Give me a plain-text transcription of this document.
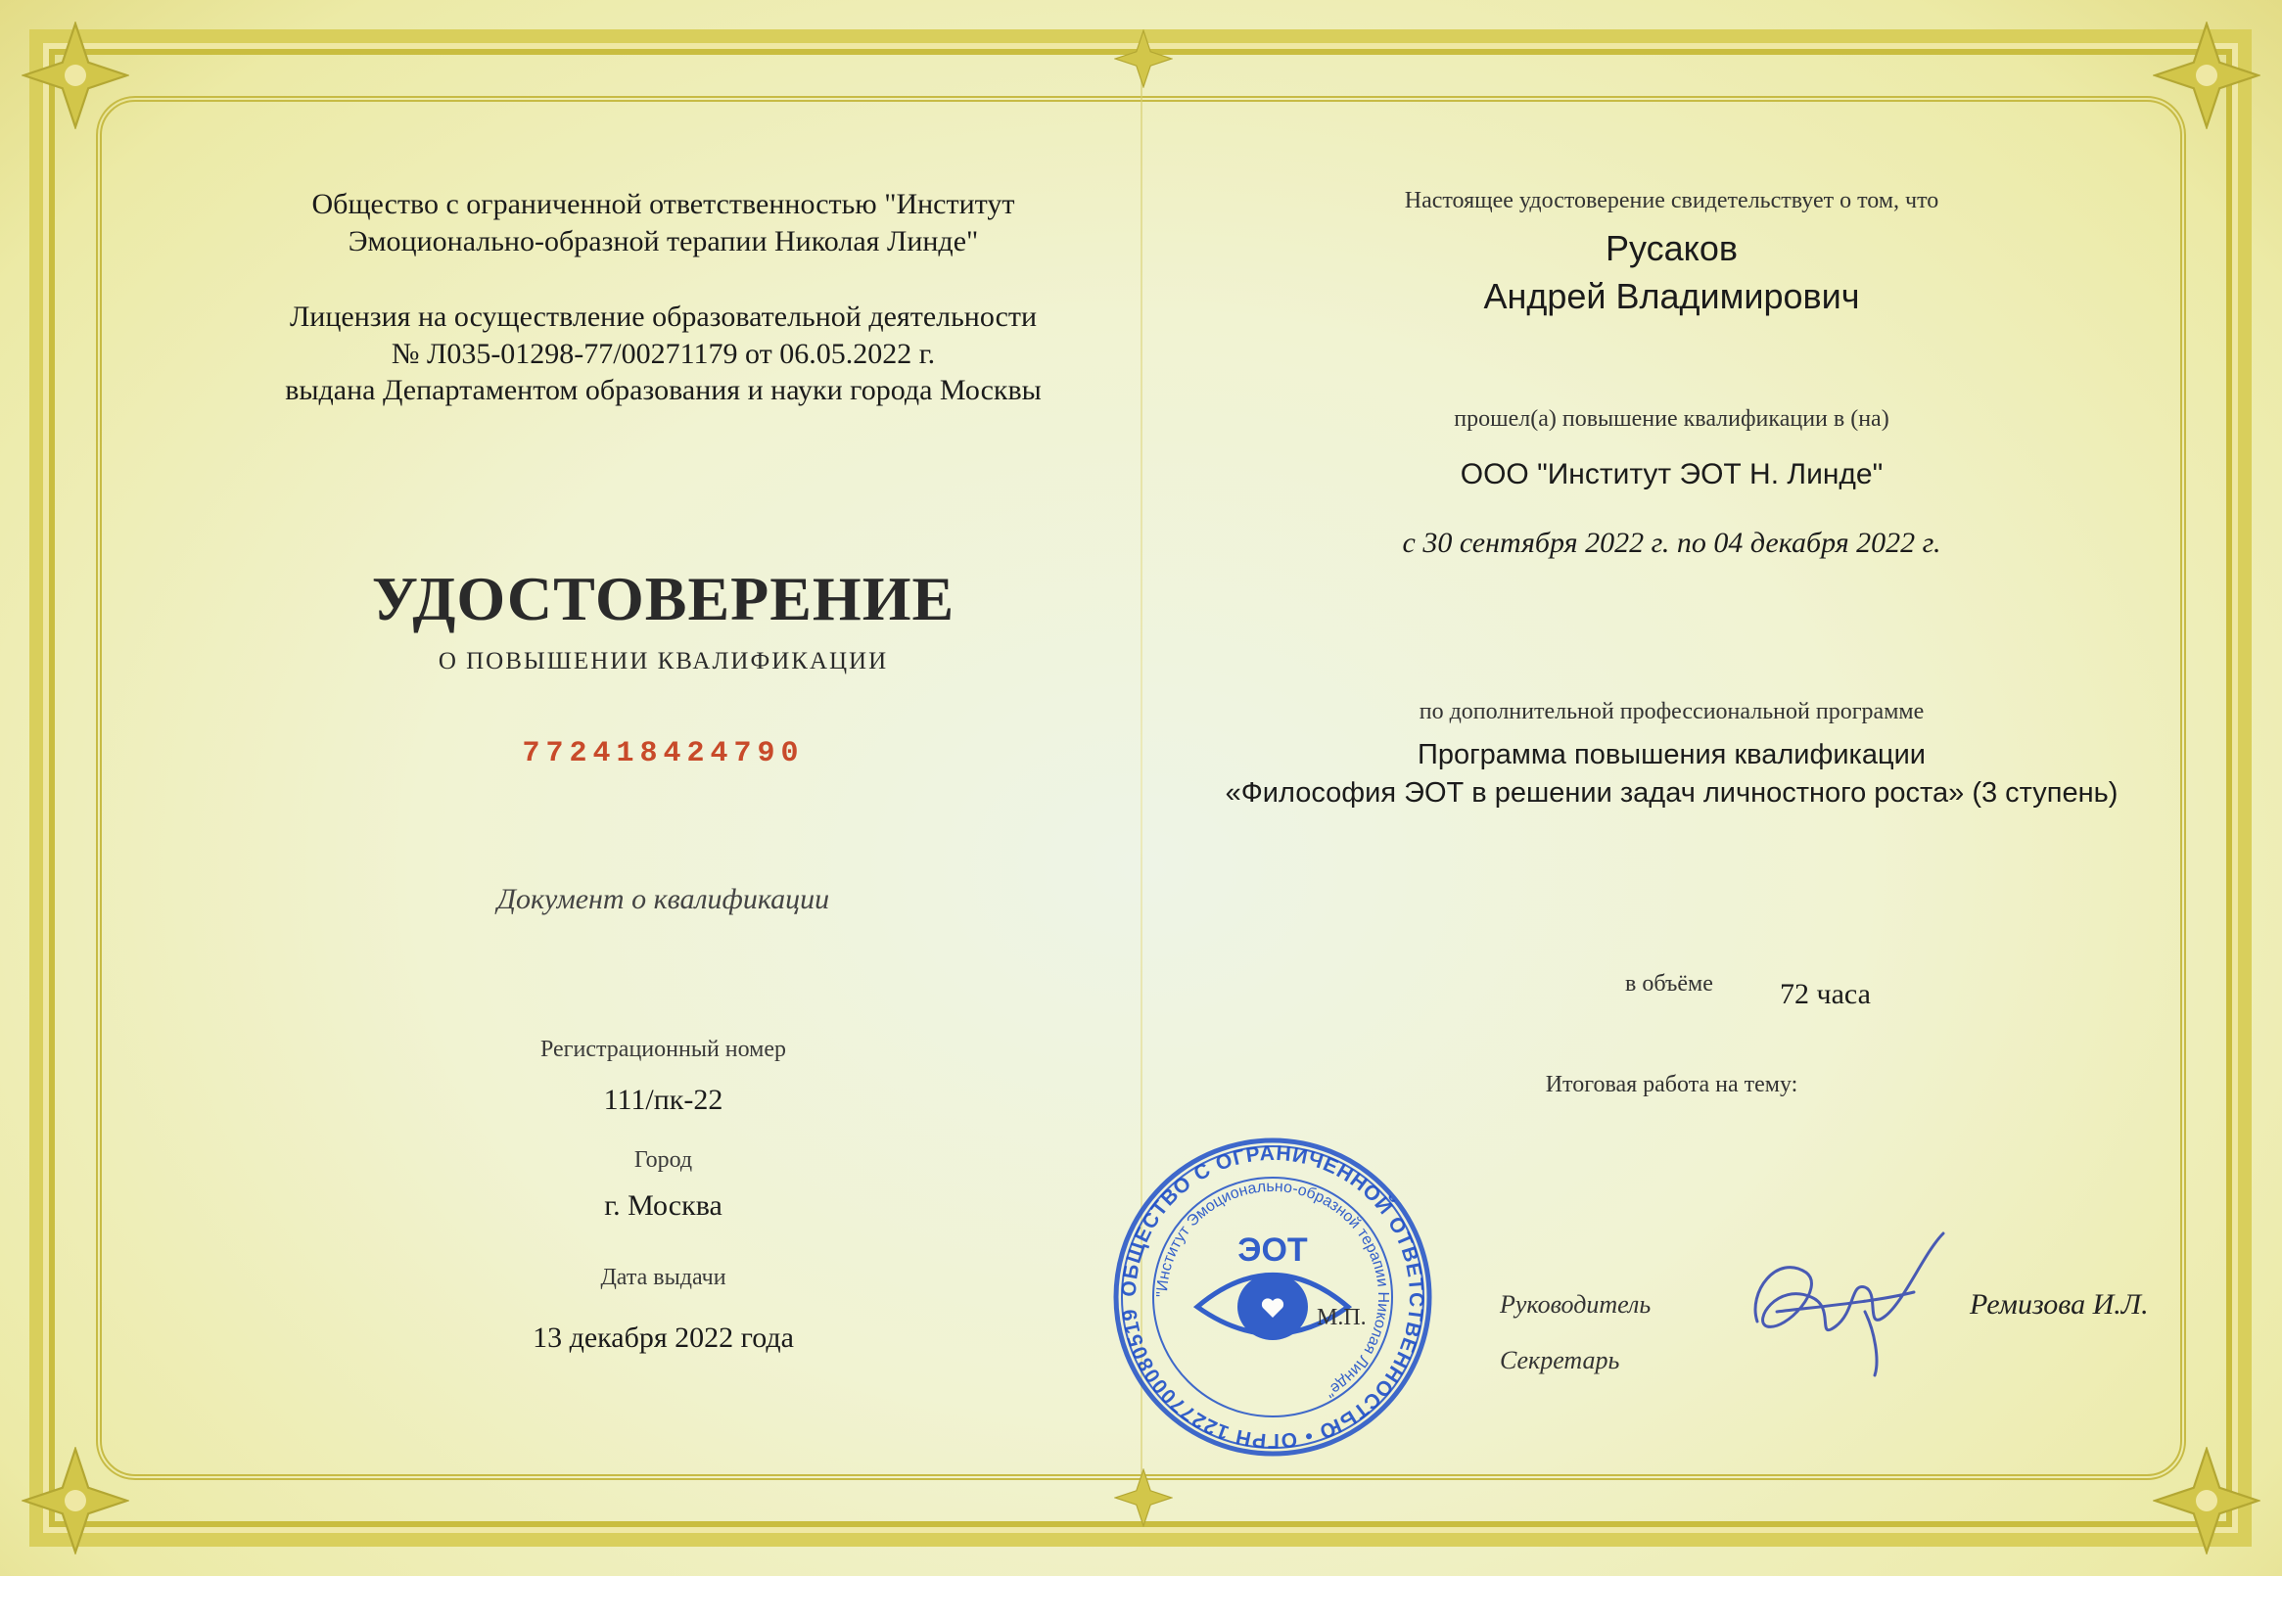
Общество с ограниченной ответственностью "Институт
Эмоционально-образной терапии Николая Линде"
Лицензия на осуществление образовательной деятельности
№ Л035-01298-77/00271179 от 06.05.2022 г.
выдана Департаментом образования и науки города Москвы
УДОСТОВЕРЕНИЕ
О ПОВЫШЕНИИ КВАЛИФИКАЦИИ
772418424790
Документ о квалификации
Регистрационный номер
111/пк-22
Город
г. Москва
Дата выдачи
13 декабря 2022 года
Настоящее удостоверение свидетельствует о том, что
Русаков
Андрей Владимирович
прошел(а) повышение квалификации в (на)
ООО "Институт ЭОТ Н. Линде"
с 30 сентября 2022 г. по 04 декабря 2022 г.
по дополнительной профессиональной программе
Программа повышения квалификации
«Философия ЭОТ в решении задач личностного роста» (3 ступень)
в объёме 72 часа
Итоговая работа на тему:
Руководитель
Секретарь
Ремизова И.Л.
ОБЩЕСТВО С ОГРАНИЧЕННОЙ ОТВЕТСТВЕННОСТЬЮ • ОГРН 1227700080519
"Институт Эмоционально-образной терапии Николая Линде"
ЭОТ
М.П.
